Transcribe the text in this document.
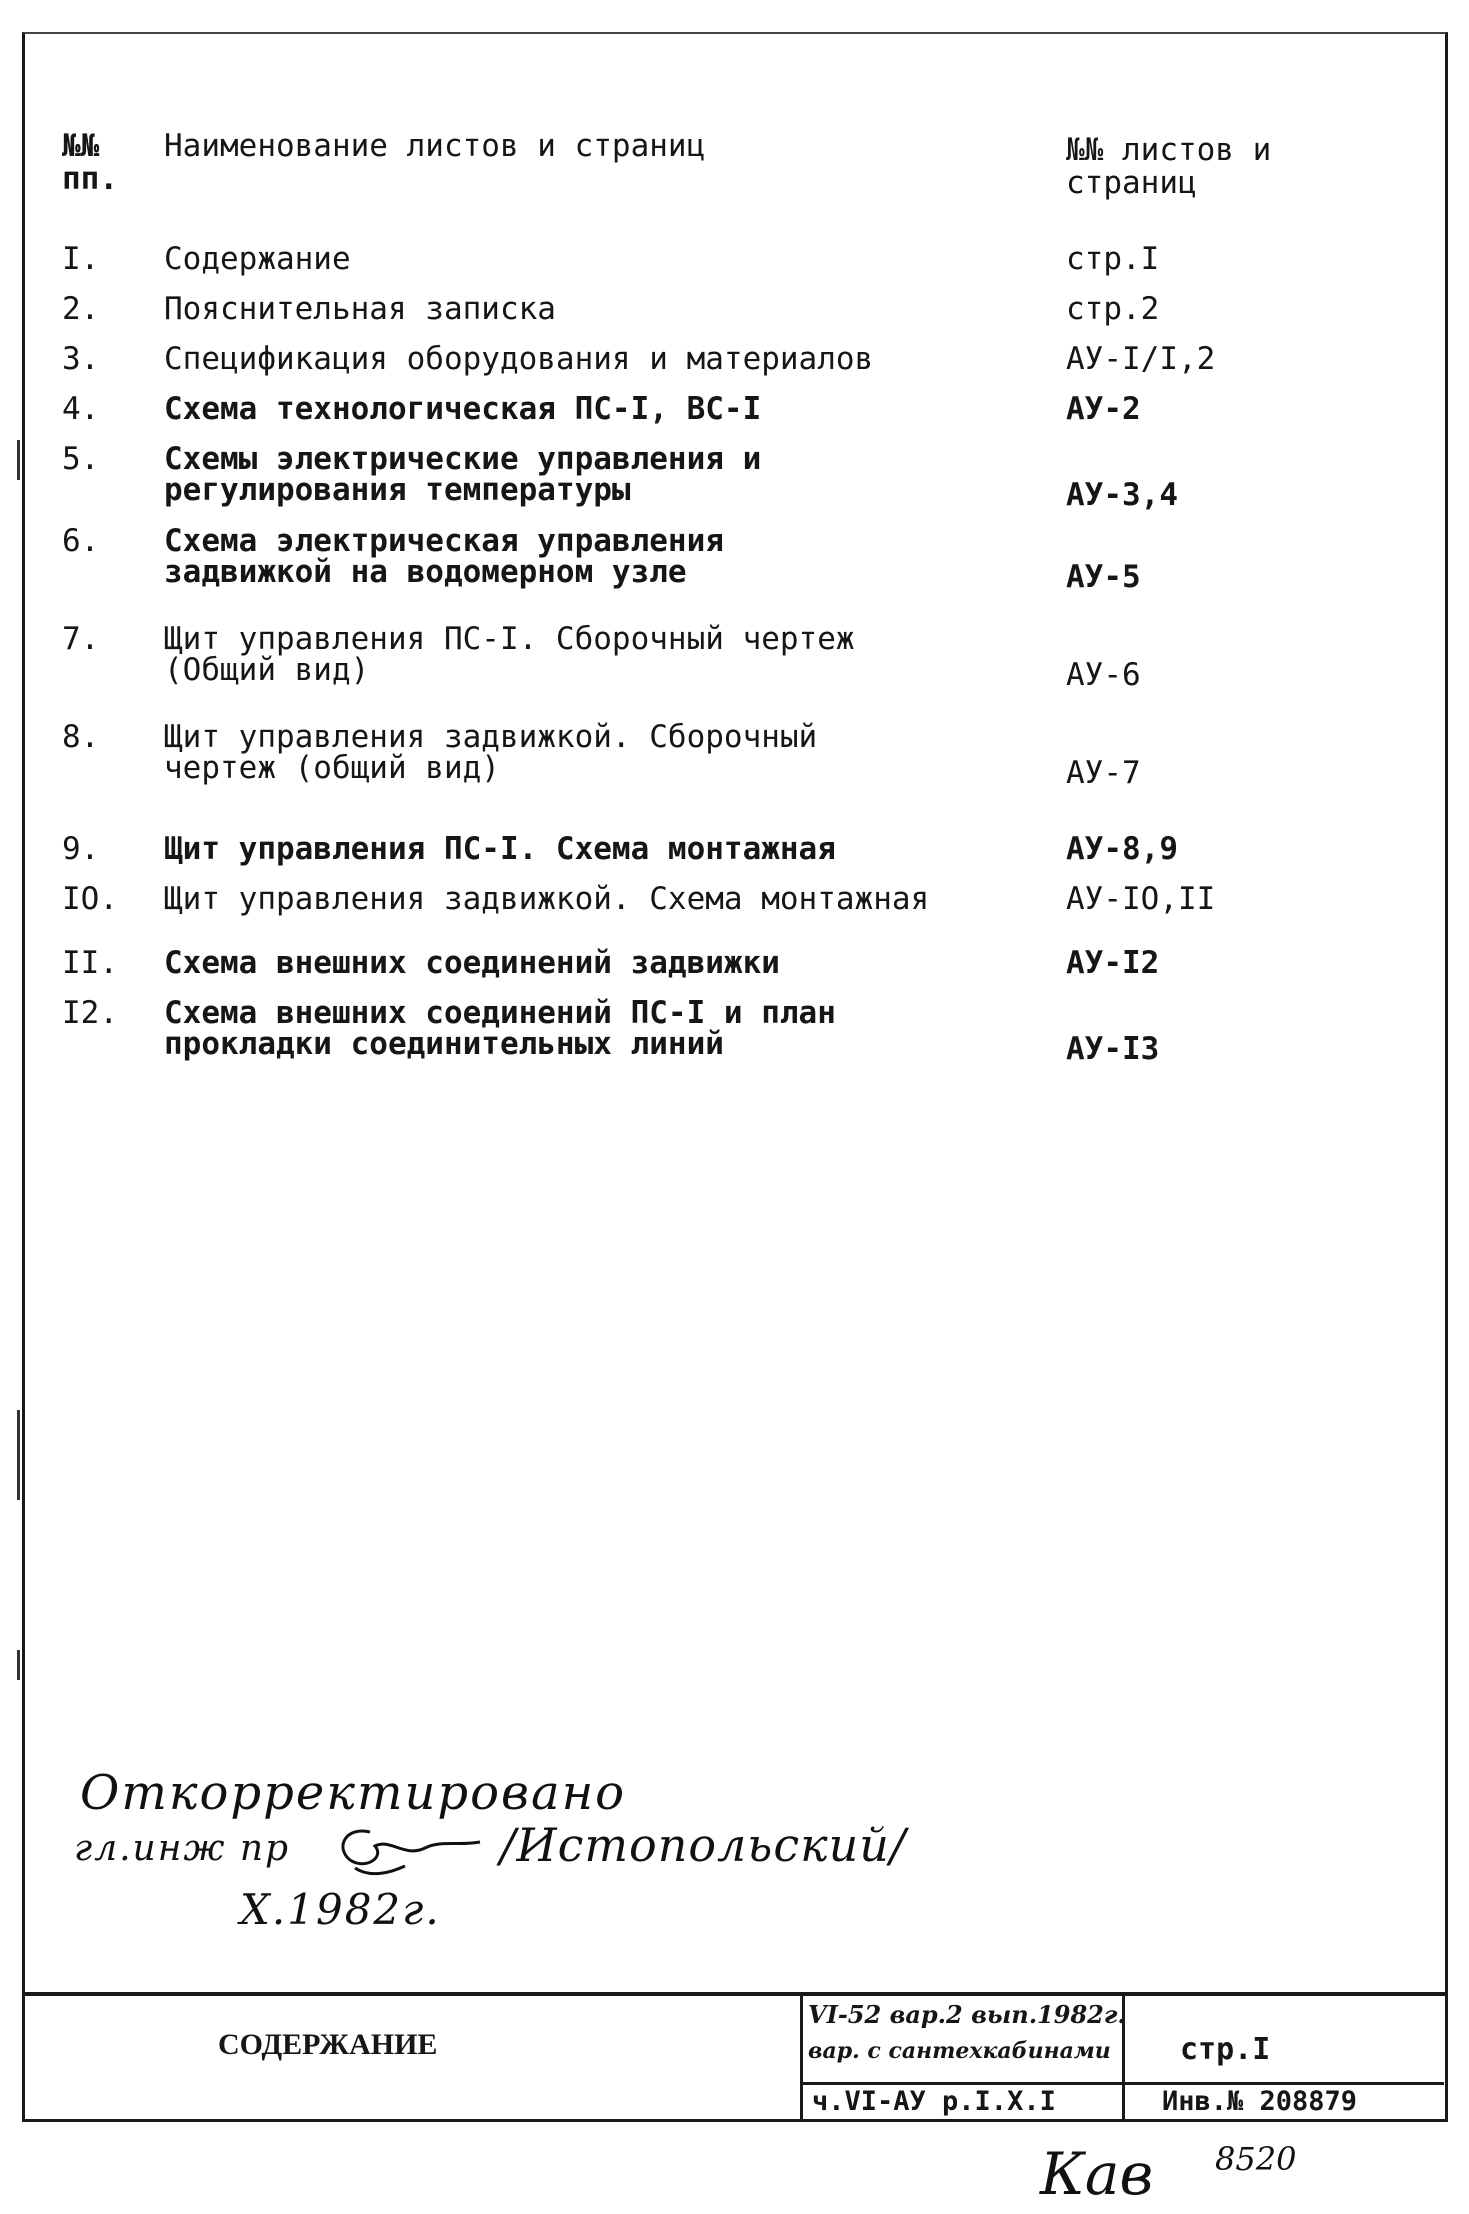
№№
пп.
Наименование листов и страниц	№№ листов и
страниц
I.	Содержание	стр.I
2.	Пояснительная записка	стр.2
3.	Спецификация оборудования и материалов	АУ-I/I,2
4.	Схема технологическая ПС-I, ВС-I	АУ-2
5.	Схемы электрические управления и
регулирования температуры	АУ-3,4
6.	Схема электрическая управления
задвижкой на водомерном узле	АУ-5
7.	Щит управления ПС-I. Сборочный чертеж
(Общий вид)	АУ-6
8.	Щит управления задвижкой. Сборочный
чертеж (общий вид)	АУ-7
9.	Щит управления ПС-I. Схема монтажная	АУ-8,9
IO.	Щит управления задвижкой. Схема монтажная	АУ-IO,II
II.	Схема внешних соединений задвижки	АУ-I2
I2.	Схема внешних соединений ПС-I и план
прокладки соединительных линий	АУ-I3
Откорректировано
гл.инж пр	/Истопольский/
X.1982г.
СОДЕРЖАНИЕ
VI-52 вар.2 вып.1982г.
вар. с сантехкабинами
ч.VI-АУ р.I.Х.I
стр.I
Инв.№ 208879
Кав 8520
